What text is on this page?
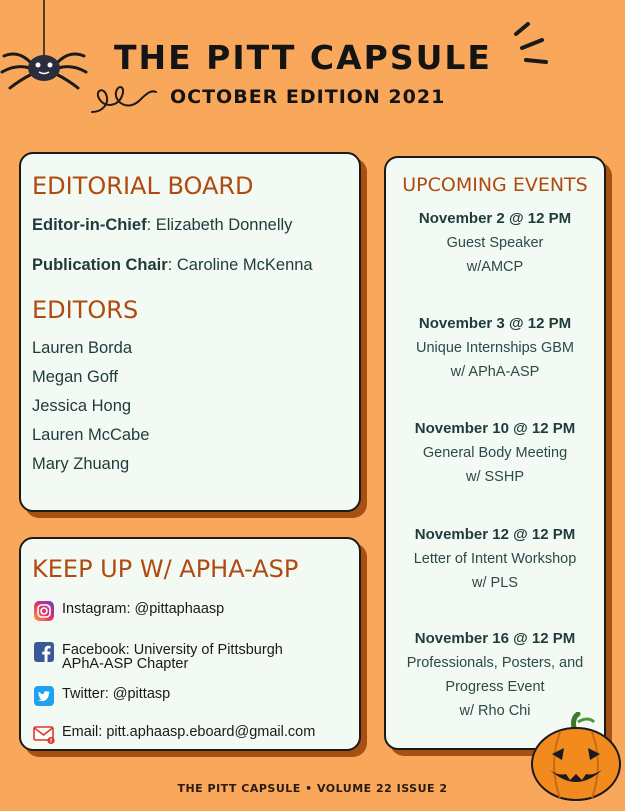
THE PITT CAPSULE
OCTOBER EDITION 2021
EDITORIAL BOARD

Editor-in-Chief: Elizabeth Donnelly

Publication Chair: Caroline McKenna

EDITORS

Lauren Borda

Megan Goff

Jessica Hong

Lauren McCabe

Mary Zhuang

KEEP UP W/ APHA-ASP
Instagram: @pittaphaasp
Facebook: University of Pittsburgh
APhA-ASP Chapter
Twitter: @pittasp
Email: pitt.aphaasp.eboard@gmail.com
UPCOMING EVENTS
November 2 @ 12 PM
Guest Speaker
w/AMCP
November 3 @ 12 PM
Unique Internships GBM
w/ APhA-ASP
November 10 @ 12 PM
General Body Meeting
w/ SSHP
November 12 @ 12 PM
Letter of Intent Workshop
w/ PLS
November 16 @ 12 PM
Professionals, Posters, and
Progress Event
w/ Rho Chi
THE PITT CAPSULE • VOLUME 22 ISSUE 2
